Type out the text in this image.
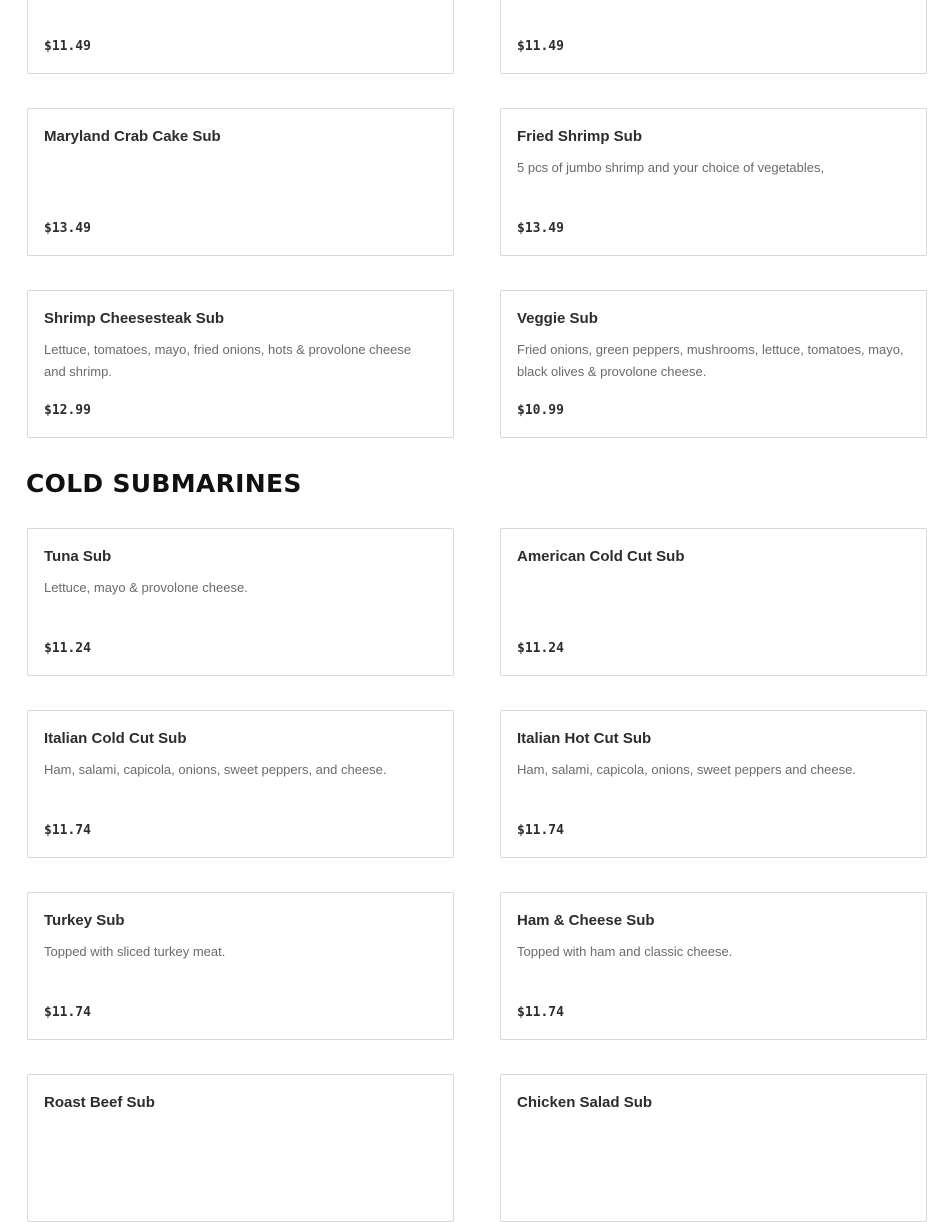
$11.49	$11.49
Maryland Crab Cake Sub
$13.49
Fried Shrimp Sub
5 pcs of jumbo shrimp and your choice of vegetables,
$13.49
Shrimp Cheesesteak Sub
Lettuce, tomatoes, mayo, fried onions, hots & provolone cheese and shrimp.
$12.99
Veggie Sub
Fried onions, green peppers, mushrooms, lettuce, tomatoes, mayo, black olives & provolone cheese.
$10.99
COLD SUBMARINES
Tuna Sub
Lettuce, mayo & provolone cheese.
$11.24
American Cold Cut Sub
$11.24
Italian Cold Cut Sub
Ham, salami, capicola, onions, sweet peppers, and cheese.
$11.74
Italian Hot Cut Sub
Ham, salami, capicola, onions, sweet peppers and cheese.
$11.74
Turkey Sub
Topped with sliced turkey meat.
$11.74
Ham & Cheese Sub
Topped with ham and classic cheese.
$11.74
Roast Beef Sub	Chicken Salad Sub
